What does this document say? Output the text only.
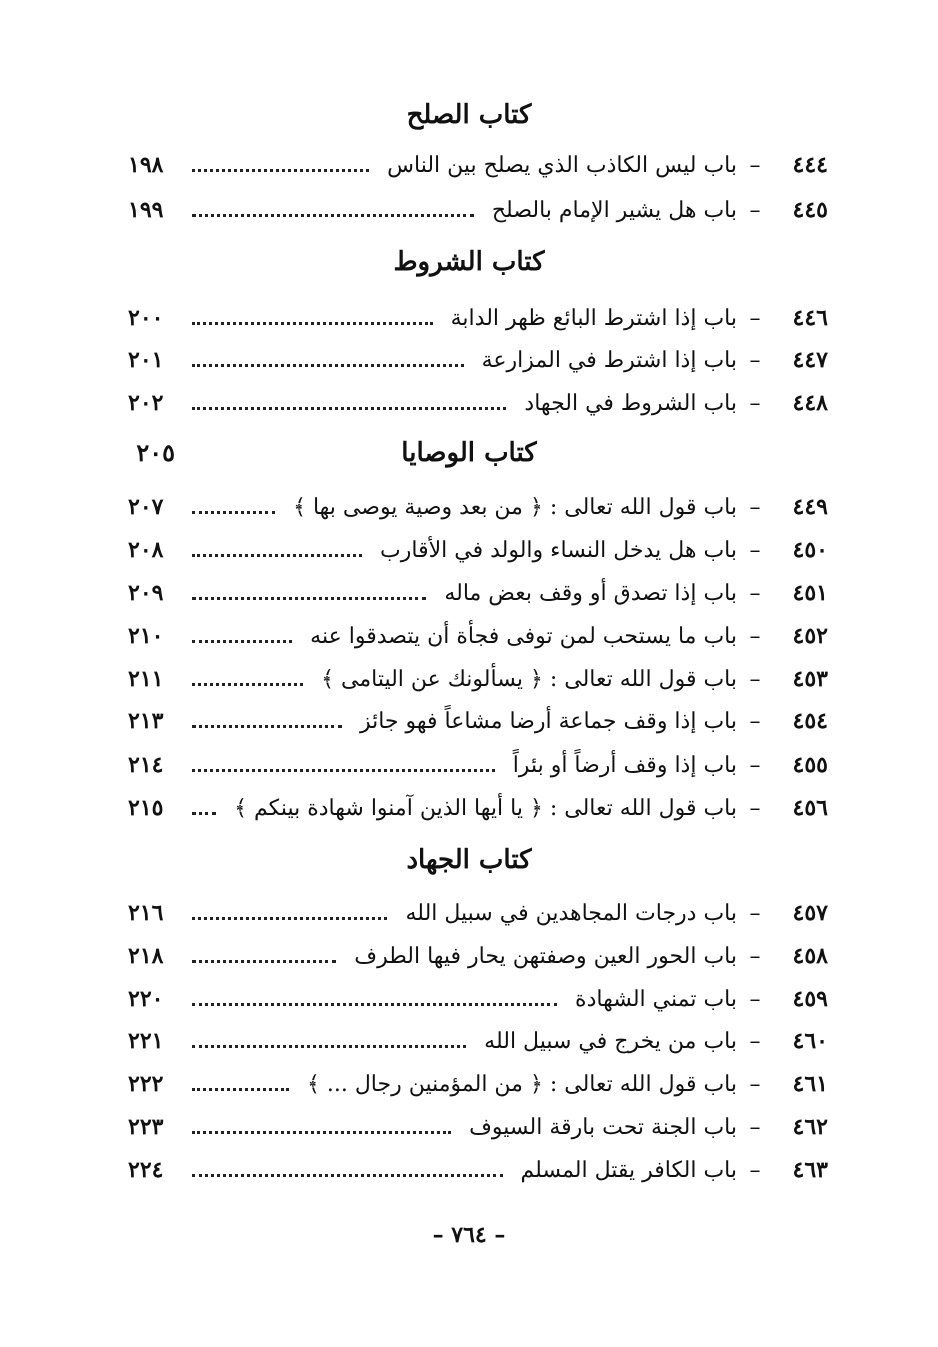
كتاب الصلح
٤٤٤
–
باب ليس الكاذب الذي يصلح بين الناس
١٩٨
٤٤٥
–
باب هل يشير الإمام بالصلح
١٩٩
كتاب الشروط
٤٤٦
–
باب إذا اشترط البائع ظهر الدابة
٢٠٠
٤٤٧
–
باب إذا اشترط في المزارعة
٢٠١
٤٤٨
–
باب الشروط في الجهاد
٢٠٢
٢٠٥	كتاب الوصايا
٤٤٩
–
باب قول الله تعالى : ﴿ من بعد وصية يوصى بها ﴾
٢٠٧
٤٥٠
–
باب هل يدخل النساء والولد في الأقارب
٢٠٨
٤٥١
–
باب إذا تصدق أو وقف بعض ماله
٢٠٩
٤٥٢
–
باب ما يستحب لمن توفى فجأة أن يتصدقوا عنه
٢١٠
٤٥٣
–
باب قول الله تعالى : ﴿ يسألونك عن اليتامى ﴾
٢١١
٤٥٤
–
باب إذا وقف جماعة أرضا مشاعاً فهو جائز
٢١٣
٤٥٥
–
باب إذا وقف أرضاً أو بئراً
٢١٤
٤٥٦
–
باب قول الله تعالى : ﴿ يا أيها الذين آمنوا شهادة بينكم ﴾
٢١٥
كتاب الجهاد
٤٥٧
–
باب درجات المجاهدين في سبيل الله
٢١٦
٤٥٨
–
باب الحور العين وصفتهن يحار فيها الطرف
٢١٨
٤٥٩
–
باب تمني الشهادة
٢٢٠
٤٦٠
–
باب من يخرج في سبيل الله
٢٢١
٤٦١
–
باب قول الله تعالى : ﴿ من المؤمنين رجال ... ﴾
٢٢٢
٤٦٢
–
باب الجنة تحت بارقة السيوف
٢٢٣
٤٦٣
–
باب الكافر يقتل المسلم
٢٢٤
– ٧٦٤ –
